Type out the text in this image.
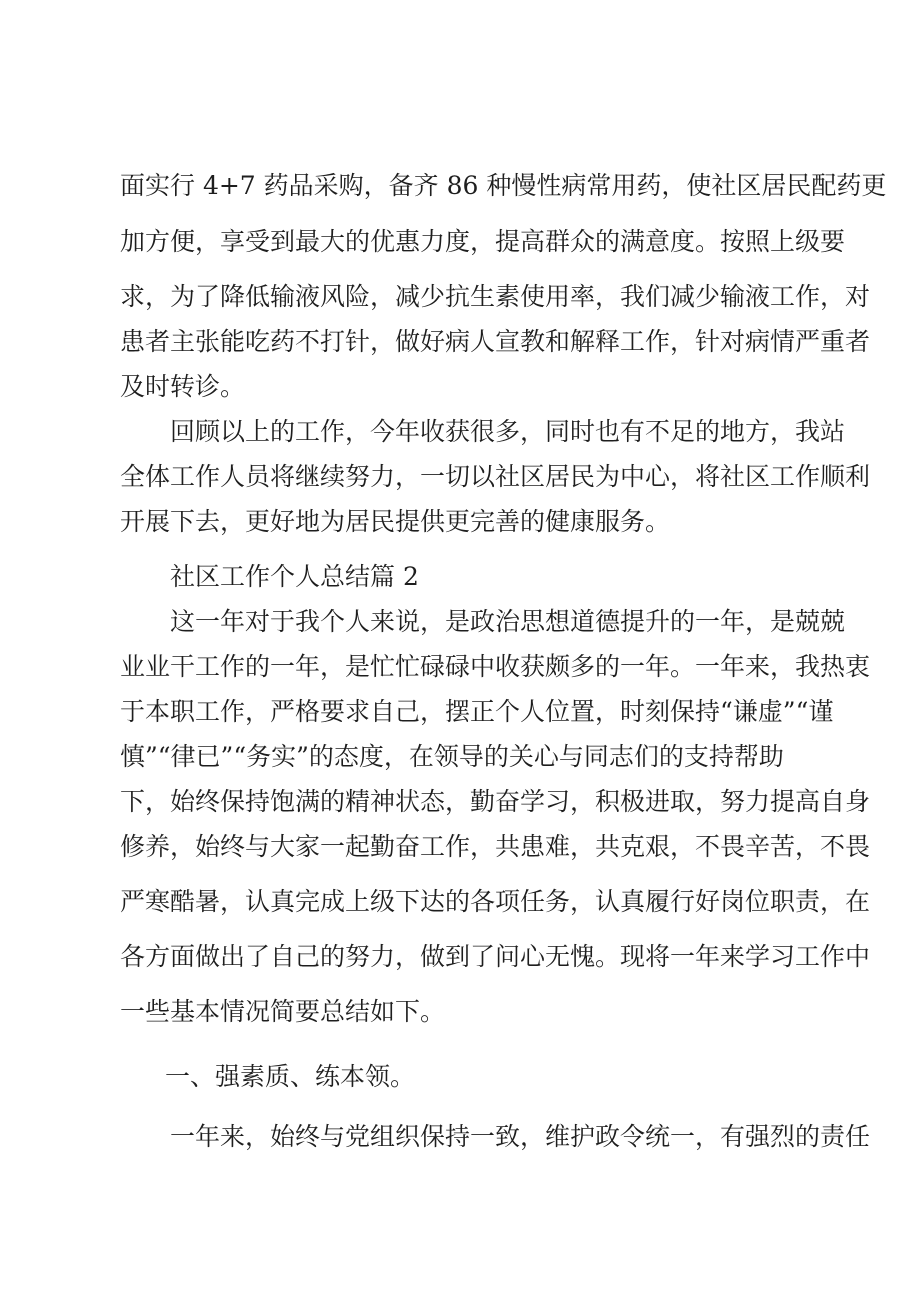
面实行 4+7 药品采购，备齐 86 种慢性病常用药，使社区居民配药更
加方便，享受到最大的优惠力度，提高群众的满意度。按照上级要
求，为了降低输液风险，减少抗生素使用率，我们减少输液工作，对
患者主张能吃药不打针，做好病人宣教和解释工作，针对病情严重者
及时转诊。
回顾以上的工作，今年收获很多，同时也有不足的地方，我站
全体工作人员将继续努力，一切以社区居民为中心，将社区工作顺利
开展下去，更好地为居民提供更完善的健康服务。
社区工作个人总结篇 2
这一年对于我个人来说，是政治思想道德提升的一年，是兢兢
业业干工作的一年，是忙忙碌碌中收获颇多的一年。一年来，我热衷
于本职工作，严格要求自己，摆正个人位置，时刻保持“谦虚”“谨
慎”“律已”“务实”的态度，在领导的关心与同志们的支持帮助
下，始终保持饱满的精神状态，勤奋学习，积极进取，努力提高自身
修养，始终与大家一起勤奋工作，共患难，共克艰，不畏辛苦，不畏
严寒酷暑，认真完成上级下达的各项任务，认真履行好岗位职责，在
各方面做出了自己的努力，做到了问心无愧。现将一年来学习工作中
一些基本情况简要总结如下。
一、强素质、练本领。
一年来，始终与党组织保持一致，维护政令统一，有强烈的责任
